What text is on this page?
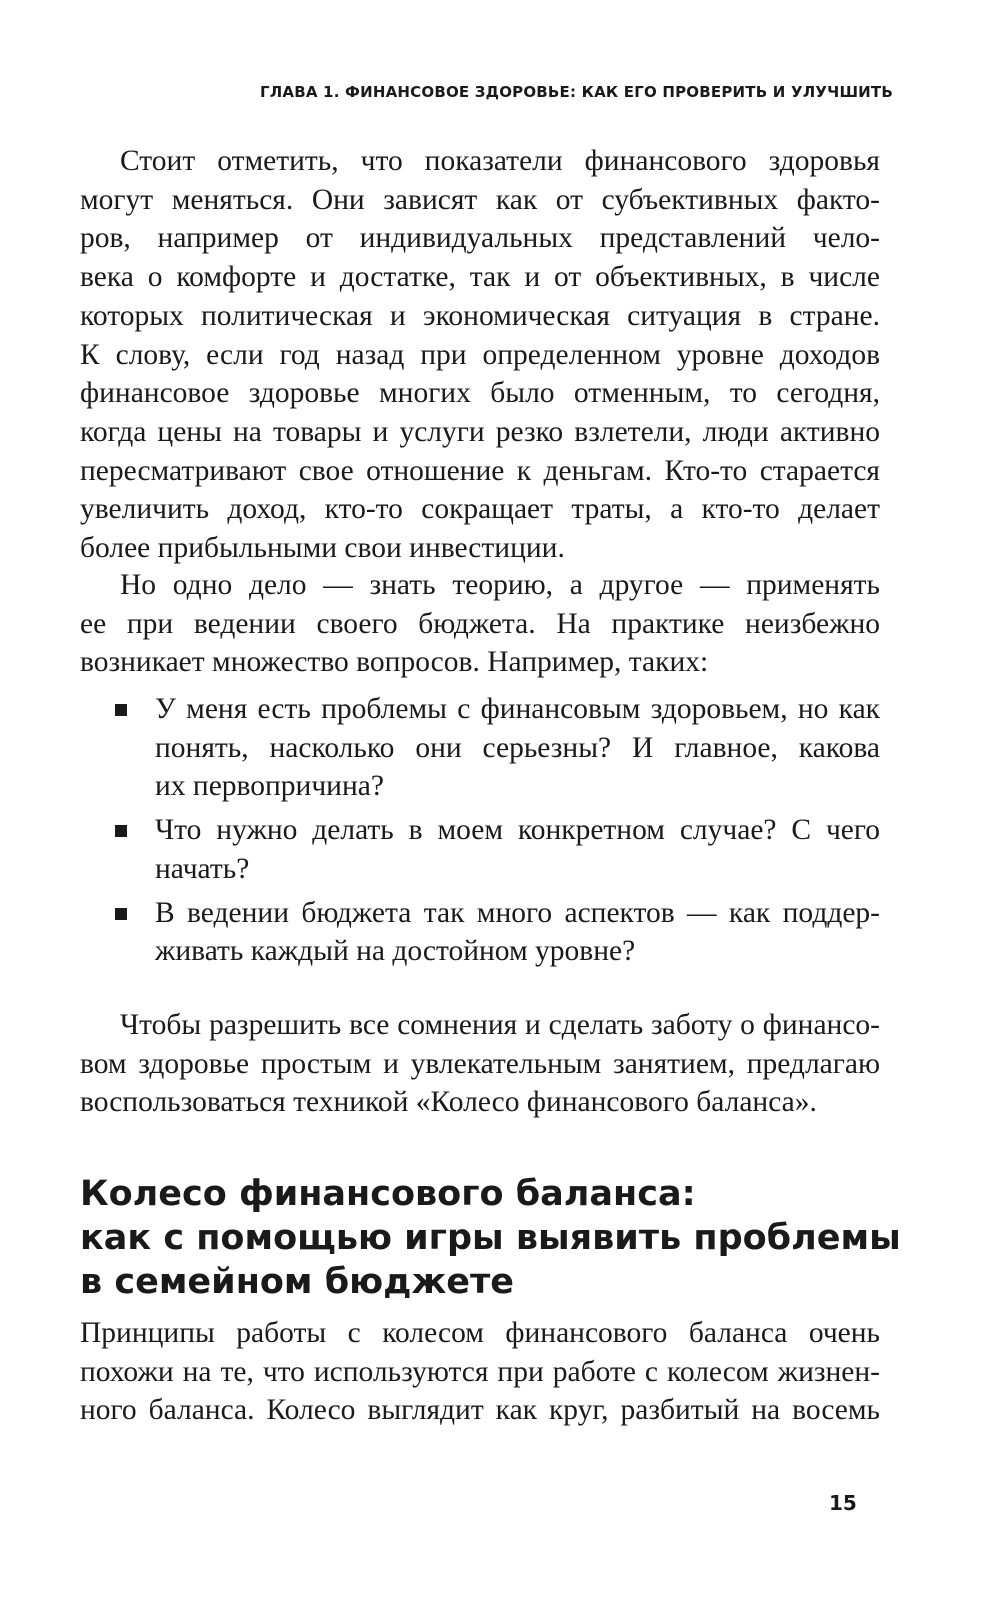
ГЛАВА 1. ФИНАНСОВОЕ ЗДОРОВЬЕ: КАК ЕГО ПРОВЕРИТЬ И УЛУЧШИТЬ
Стоит отметить, что показатели финансового здоровья
могут меняться. Они зависят как от субъективных факто-
ров, например от индивидуальных представлений чело-
века о комфорте и достатке, так и от объективных, в числе
которых политическая и экономическая ситуация в стране.
К слову, если год назад при определенном уровне доходов
финансовое здоровье многих было отменным, то сегодня,
когда цены на товары и услуги резко взлетели, люди активно
пересматривают свое отношение к деньгам. Кто-то старается
увеличить доход, кто-то сокращает траты, а кто-то делает
более прибыльными свои инвестиции.
Но одно дело — знать теорию, а другое — применять
ее при ведении своего бюджета. На практике неизбежно
возникает множество вопросов. Например, таких:
У меня есть проблемы с финансовым здоровьем, но как
понять, насколько они серьезны? И главное, какова
их первопричина?
Что нужно делать в моем конкретном случае? С чего
начать?
В ведении бюджета так много аспектов — как поддер-
живать каждый на достойном уровне?
Чтобы разрешить все сомнения и сделать заботу о финансо-
вом здоровье простым и увлекательным занятием, предлагаю
воспользоваться техникой «Колесо финансового баланса».
Колесо финансового баланса:
как с помощью игры выявить проблемы
в семейном бюджете
Принципы работы с колесом финансового баланса очень
похожи на те, что используются при работе с колесом жизнен-
ного баланса. Колесо выглядит как круг, разбитый на восемь
15
